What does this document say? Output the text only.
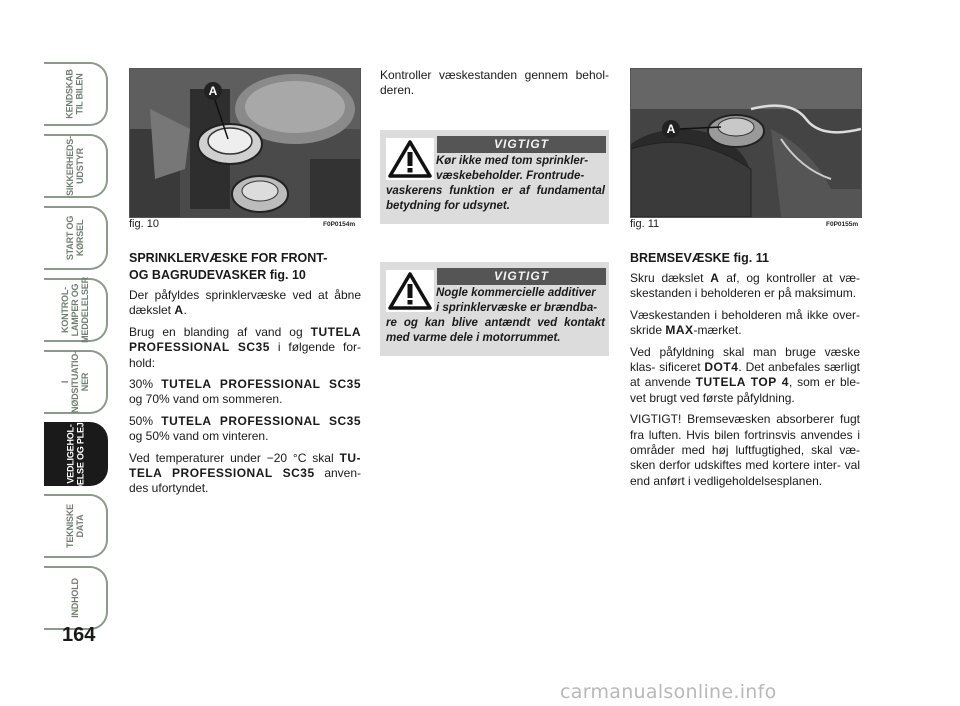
KENDSKAB
TIL BILEN
SIKKERHEDS-
UDSTYR
START OG
KØRSEL
KONTROL-
LAMPER OG
MEDDELELSER
I
NØDSITUATIO-
NER
VEDLIGEHOL-
DELSE OG PLEJE
TEKNISKE
DATA
INDHOLD
164
A
fig. 10	F0P0154m
A
fig. 11	F0P0155m
SPRINKLERVÆSKE FOR FRONT-
OG BAGRUDEVASKER fig. 10

Der påfyldes sprinklervæske ved at åbne dækslet A.

Brug en blanding af vand og TUTELA PROFESSIONAL SC35 i følgende for- hold:

30% TUTELA PROFESSIONAL SC35 og 70% vand om sommeren.

50% TUTELA PROFESSIONAL SC35 og 50% vand om vinteren.

Ved temperaturer under −20 °C skal TU- TELA PROFESSIONAL SC35 anven- des ufortyndet.

Kontroller væskestanden gennem behol- deren.

VIGTIGT
Kør ikke med tom sprinkler-
væskebeholder. Frontrude-
vaskerens funktion er af fundamental betydning for udsynet.
VIGTIGT
Nogle kommercielle additiver
i sprinklervæske er brændba-
re og kan blive antændt ved kontakt med varme dele i motorrummet.
BREMSEVÆSKE fig. 11

Skru dækslet A af, og kontroller at væ- skestanden i beholderen er på maksimum.

Væskestanden i beholderen må ikke over- skride MAX-mærket.

Ved påfyldning skal man bruge væske klas- sificeret DOT4. Det anbefales særligt at anvende TUTELA TOP 4, som er ble- vet brugt ved første påfyldning.

VIGTIGT! Bremsevæsken absorberer fugt fra luften. Hvis bilen fortrinsvis anvendes i områder med høj luftfugtighed, skal væ- sken derfor udskiftes med kortere inter- val end anført i vedligeholdelsesplanen.

carmanualsonline.info
